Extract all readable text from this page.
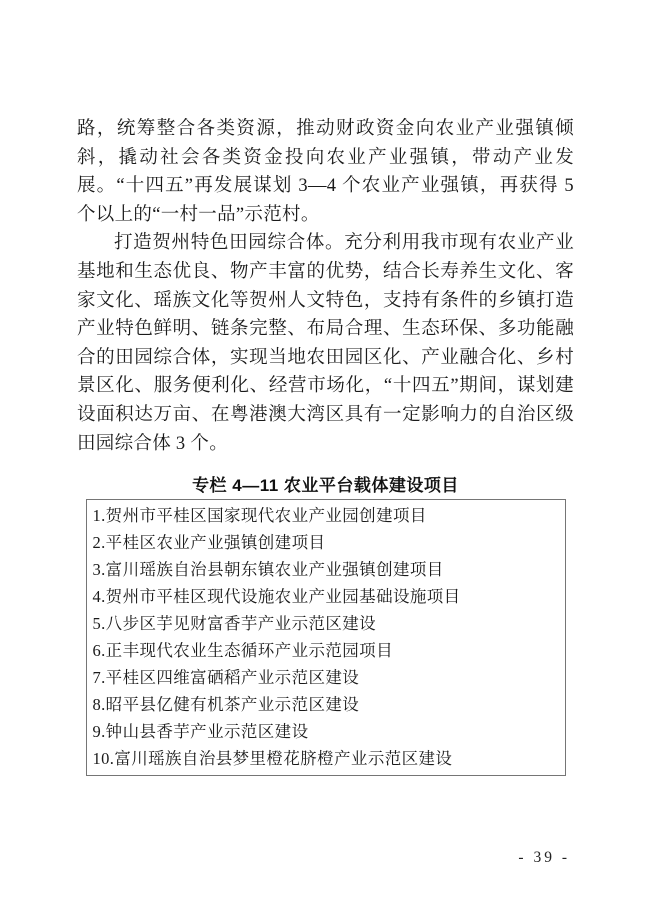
路，统筹整合各类资源，推动财政资金向农业产业强镇倾斜，撬动社会各类资金投向农业产业强镇，带动产业发展。“十四五”再发展谋划 3—4 个农业产业强镇，再获得 5 个以上的“一村一品”示范村。

打造贺州特色田园综合体。充分利用我市现有农业产业基地和生态优良、物产丰富的优势，结合长寿养生文化、客家文化、瑶族文化等贺州人文特色，支持有条件的乡镇打造产业特色鲜明、链条完整、布局合理、生态环保、多功能融合的田园综合体，实现当地农田园区化、产业融合化、乡村景区化、服务便利化、经营市场化，“十四五”期间，谋划建设面积达万亩、在粤港澳大湾区具有一定影响力的自治区级田园综合体 3 个。

专栏 4—11 农业平台载体建设项目
1.贺州市平桂区国家现代农业产业园创建项目
2.平桂区农业产业强镇创建项目
3.富川瑶族自治县朝东镇农业产业强镇创建项目
4.贺州市平桂区现代设施农业产业园基础设施项目
5.八步区芋见财富香芋产业示范区建设
6.正丰现代农业生态循环产业示范园项目
7.平桂区四维富硒稻产业示范区建设
8.昭平县亿健有机茶产业示范区建设
9.钟山县香芋产业示范区建设
10.富川瑶族自治县梦里橙花脐橙产业示范区建设
- 39 -
